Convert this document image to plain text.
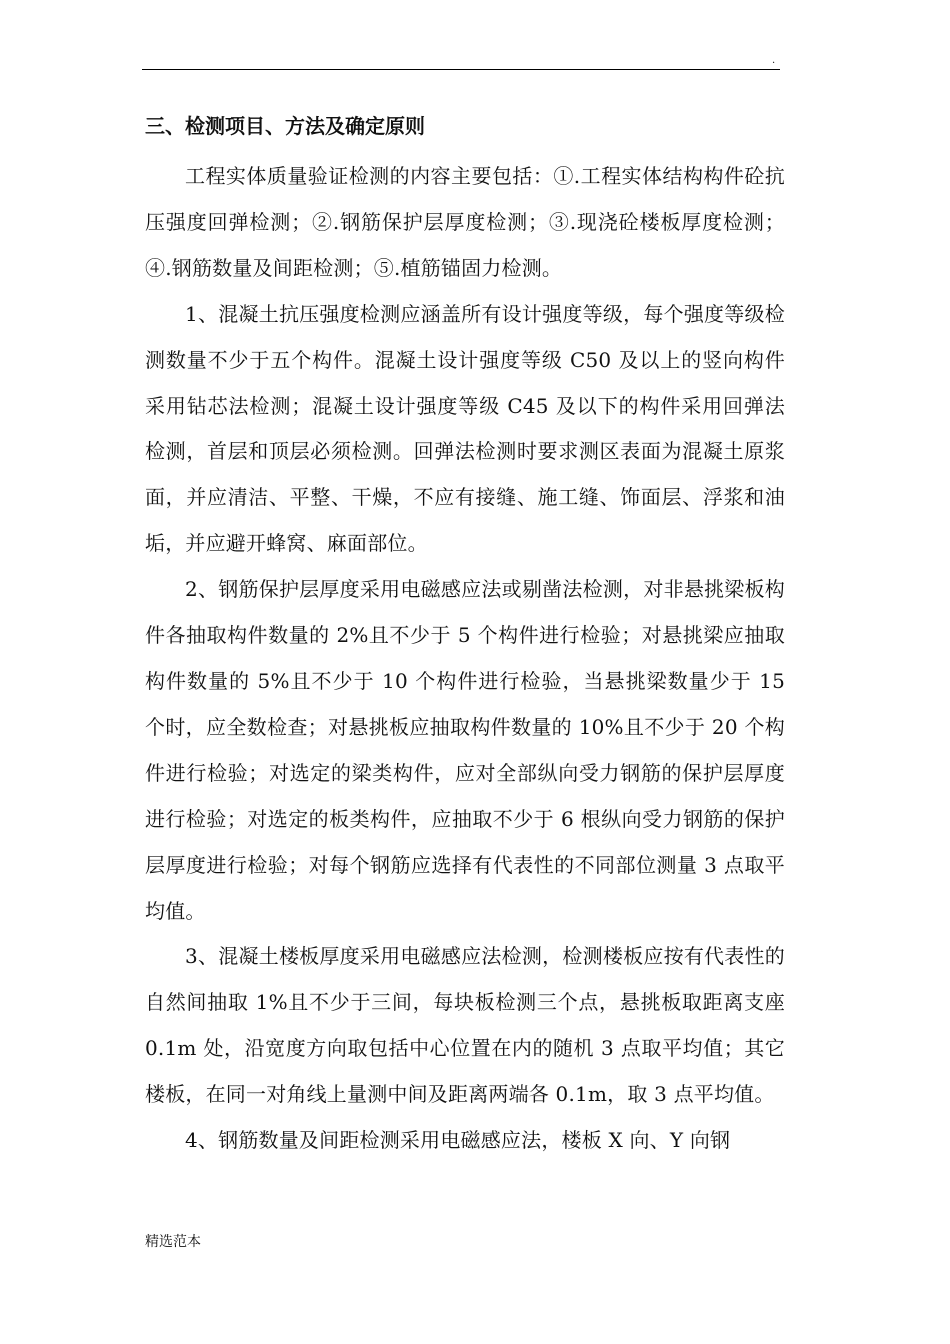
.
三、检测项目、方法及确定原则

工程实体质量验证检测的内容主要包括：①.工程实体结构构件砼抗压强度回弹检测；②.钢筋保护层厚度检测；③.现浇砼楼板厚度检测；④.钢筋数量及间距检测；⑤.植筋锚固力检测。

1、混凝土抗压强度检测应涵盖所有设计强度等级，每个强度等级检测数量不少于五个构件。混凝土设计强度等级 C50 及以上的竖向构件采用钻芯法检测；混凝土设计强度等级 C45 及以下的构件采用回弹法检测，首层和顶层必须检测。回弹法检测时要求测区表面为混凝土原浆面，并应清洁、平整、干燥，不应有接缝、施工缝、饰面层、浮浆和油垢，并应避开蜂窝、麻面部位。

2、钢筋保护层厚度采用电磁感应法或剔凿法检测，对非悬挑梁板构件各抽取构件数量的 2%且不少于 5 个构件进行检验；对悬挑梁应抽取构件数量的 5%且不少于 10 个构件进行检验，当悬挑梁数量少于 15 个时，应全数检查；对悬挑板应抽取构件数量的 10%且不少于 20 个构件进行检验；对选定的梁类构件，应对全部纵向受力钢筋的保护层厚度进行检验；对选定的板类构件，应抽取不少于 6 根纵向受力钢筋的保护层厚度进行检验；对每个钢筋应选择有代表性的不同部位测量 3 点取平均值。

3、混凝土楼板厚度采用电磁感应法检测，检测楼板应按有代表性的自然间抽取 1%且不少于三间，每块板检测三个点，悬挑板取距离支座 0.1m 处，沿宽度方向取包括中心位置在内的随机 3 点取平均值；其它楼板，在同一对角线上量测中间及距离两端各 0.1m，取 3 点平均值。

4、钢筋数量及间距检测采用电磁感应法，楼板 X 向、Y 向钢

精选范本
